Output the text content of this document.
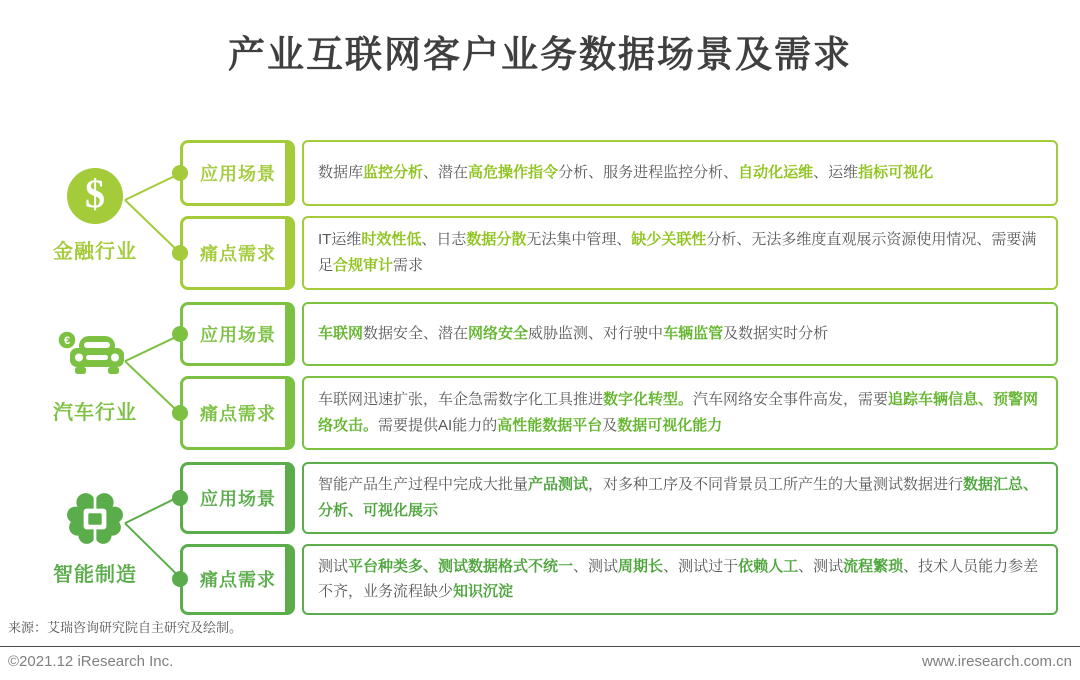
产业互联网客户业务数据场景及需求
$
金融行业
应用场景	数据库监控分析、潜在高危操作指令分析、服务进程监控分析、自动化运维、运维指标可视化
痛点需求
IT运维时效性低、日志数据分散无法集中管理、缺少关联性分析、无法多维度直观展示资源使用情况、需要满足合规审计需求
€
汽车行业
应用场景	车联网数据安全、潜在网络安全威胁监测、对行驶中车辆监管及数据实时分析
痛点需求
车联网迅速扩张，车企急需数字化工具推进数字化转型。汽车网络安全事件高发，需要追踪车辆信息、预警网络攻击。需要提供AI能力的高性能数据平台及数据可视化能力
智能制造
应用场景
智能产品生产过程中完成大批量产品测试，对多种工序及不同背景员工所产生的大量测试数据进行数据汇总、分析、可视化展示
痛点需求
测试平台种类多、测试数据格式不统一、测试周期长、测试过于依赖人工、测试流程繁琐、技术人员能力参差不齐，业务流程缺少知识沉淀
来源：艾瑞咨询研究院自主研究及绘制。
©2021.12 iResearch Inc.	www.iresearch.com.cn
